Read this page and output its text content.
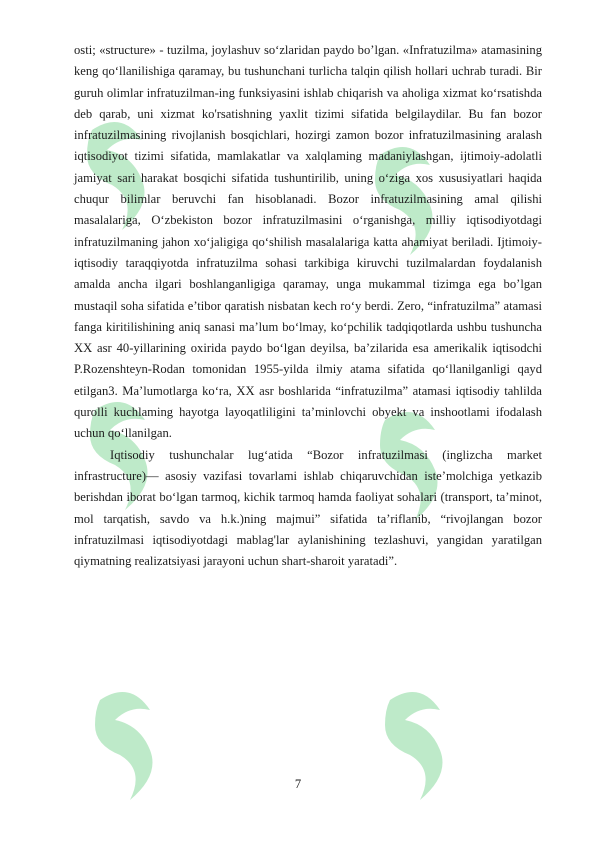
osti; «structure» - tuzilma, joylashuv so‘zlaridan paydo bo’lgan. «Infratuzilma» atamasining keng qo‘llanilishiga qaramay, bu tushunchani turlicha talqin qilish hollari uchrab turadi. Bir guruh olimlar infratuzilman-ing funksiyasini ishlab chiqarish va aholiga xizmat ko‘rsatishda deb qarab, uni xizmat ko'rsatishning yaxlit tizimi sifatida belgilaydilar. Bu fan bozor infratuzilmasining rivojlanish bosqichlari, hozirgi zamon bozor infratuzilmasining aralash iqtisodiyot tizimi sifatida, mamlakatlar va xalqlaming madaniylashgan, ijtimoiy-adolatli jamiyat sari harakat bosqichi sifatida tushuntirilib, uning o‘ziga xos xususiyatlari haqida chuqur bilimlar beruvchi fan hisoblanadi. Bozor infratuzilmasining amal qilishi masalalariga, O‘zbekiston bozor infratuzilmasini o‘rganishga, milliy iqtisodiyotdagi infratuzilmaning jahon xo‘jaligiga qo‘shilish masalalariga katta ahamiyat beriladi. Ijtimoiy-iqtisodiy taraqqiyotda infratuzilma sohasi tarkibiga kiruvchi tuzilmalardan foydalanish amalda ancha ilgari boshlanganligiga qaramay, unga mukammal tizimga ega bo’lgan mustaqil soha sifatida e’tibor qaratish nisbatan kech ro‘y berdi. Zero, “infratuzilma” atamasi fanga kiritilishining aniq sanasi ma’lum bo‘lmay, ko‘pchilik tadqiqotlarda ushbu tushuncha XX asr 40-yillarining oxirida paydo bo‘lgan deyilsa, ba’zilarida esa amerikalik iqtisodchi P.Rozenshteyn-Rodan tomonidan 1955-yilda ilmiy atama sifatida qo‘llanilganligi qayd etilgan3. Ma’lumotlarga ko‘ra, XX asr boshlarida “infratuzilma” atamasi iqtisodiy tahlilda qurolli kuchlaming hayotga layoqatliligini ta’minlovchi obyekt va inshootlami ifodalash uchun qo‘llanilgan.

Iqtisodiy tushunchalar lug‘atida “Bozor infratuzilmasi (inglizcha market infrastructure)— asosiy vazifasi tovarlami ishlab chiqaruvchidan iste’molchiga yetkazib berishdan iborat bo‘lgan tarmoq, kichik tarmoq hamda faoliyat sohalari (transport, ta’minot, mol tarqatish, savdo va h.k.)ning majmui” sifatida ta’riflanib, “rivojlangan bozor infratuzilmasi iqtisodiyotdagi mablag'lar aylanishining tezlashuvi, yangidan yaratilgan qiymatning realizatsiyasi jarayoni uchun shart-sharoit yaratadi”.

7
